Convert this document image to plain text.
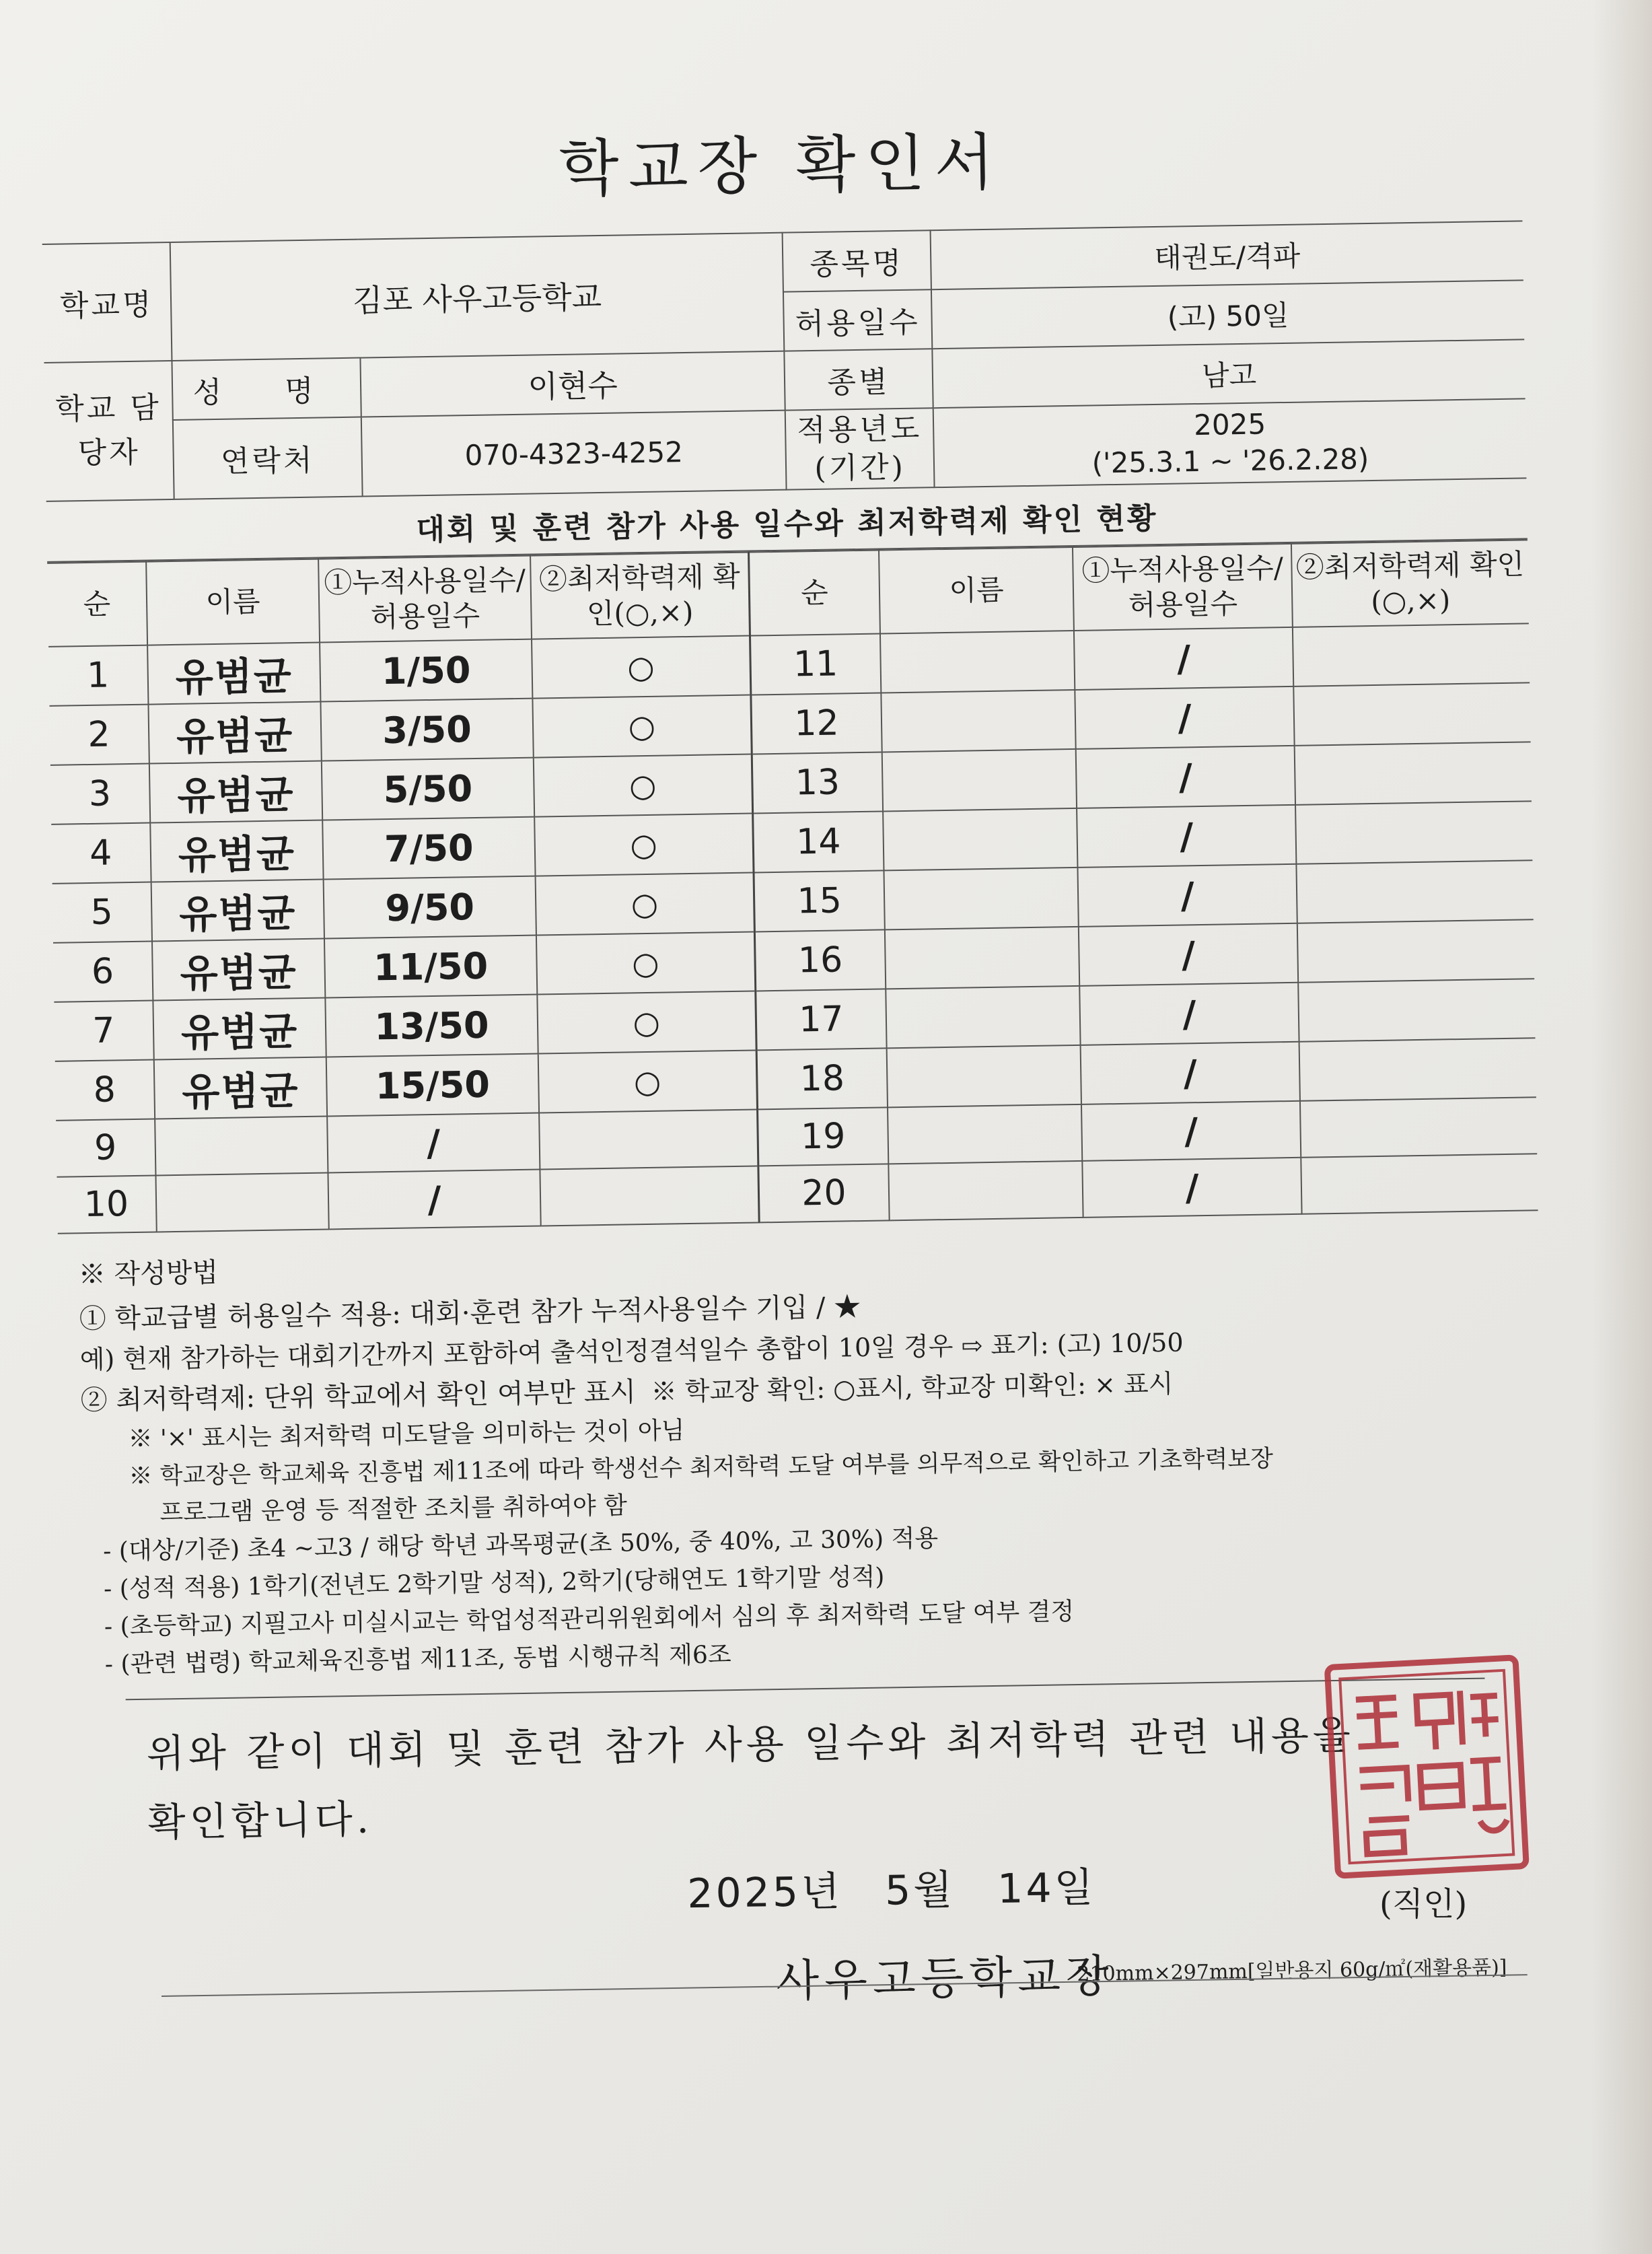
학교장 확인서
학교명	김포 사우고등학교		종목명	태권도/격파
			허용일수	(고) 50일
학교 담당자	성 명	이현수	종별	남고
	연락처	070-4323-4252	적용년도 (기간)	2025
('25.3.1 ~ '26.2.28)
대회 및 훈련 참가 사용 일수와 최저학력제 확인 현황
순	이름	①누적사용일수/ 허용일수	②최저학력제 확인(○,×)	순	이름	①누적사용일수/ 허용일수	②최저학력제 확인(○,×)
1	유범균	1/50	○	11		/	
2	유범균	3/50	○	12		/	
3	유범균	5/50	○	13		/	
4	유범균	7/50	○	14		/	
5	유범균	9/50	○	15		/	
6	유범균	11/50	○	16		/	
7	유범균	13/50	○	17		/	
8	유범균	15/50	○	18		/	
9		/		19		/	
10		/		20		/	
※ 작성방법
① 학교급별 허용일수 적용: 대회·훈련 참가 누적사용일수 기입 / ★
예) 현재 참가하는 대회기간까지 포함하여 출석인정결석일수 총합이 10일 경우 ⇨ 표기: (고) 10/50
② 최저학력제: 단위 학교에서 확인 여부만 표시 ※ 학교장 확인: ○표시, 학교장 미확인: × 표시
※ '×' 표시는 최저학력 미도달을 의미하는 것이 아님
※ 학교장은 학교체육 진흥법 제11조에 따라 학생선수 최저학력 도달 여부를 의무적으로 확인하고 기초학력보장
프로그램 운영 등 적절한 조치를 취하여야 함
- (대상/기준) 초4 ~고3 / 해당 학년 과목평균(초 50%, 중 40%, 고 30%) 적용
- (성적 적용) 1학기(전년도 2학기말 성적), 2학기(당해연도 1학기말 성적)
- (초등학교) 지필고사 미실시교는 학업성적관리위원회에서 심의 후 최저학력 도달 여부 결정
- (관련 법령) 학교체육진흥법 제11조, 동법 시행규칙 제6조
위와 같이 대회 및 훈련 참가 사용 일수와 최저학력 관련 내용을 확인합니다.
2025년 5월 14일
사우고등학교장
(직인)
210mm×297mm[일반용지 60g/㎡(재활용품)]
